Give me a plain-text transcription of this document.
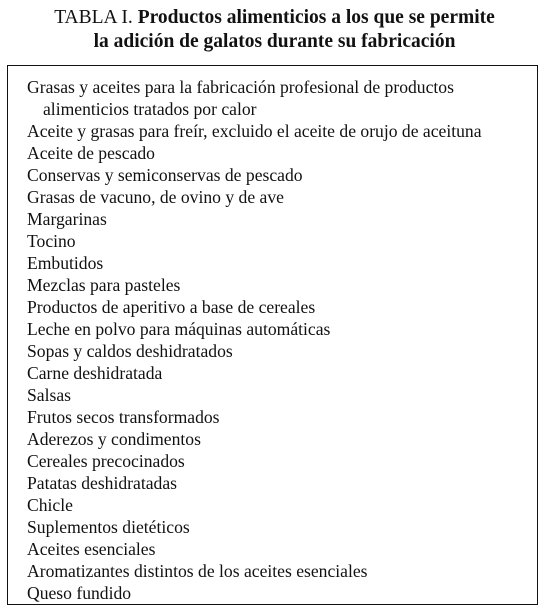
TABLA I. Productos alimenticios a los que se permite
la adición de galatos durante su fabricación
Grasas y aceites para la fabricación profesional de productos alimenticios tratados por calor
Aceite y grasas para freír, excluido el aceite de orujo de aceituna
Aceite de pescado
Conservas y semiconservas de pescado
Grasas de vacuno, de ovino y de ave
Margarinas
Tocino
Embutidos
Mezclas para pasteles
Productos de aperitivo a base de cereales
Leche en polvo para máquinas automáticas
Sopas y caldos deshidratados
Carne deshidratada
Salsas
Frutos secos transformados
Aderezos y condimentos
Cereales precocinados
Patatas deshidratadas
Chicle
Suplementos dietéticos
Aceites esenciales
Aromatizantes distintos de los aceites esenciales
Queso fundido
